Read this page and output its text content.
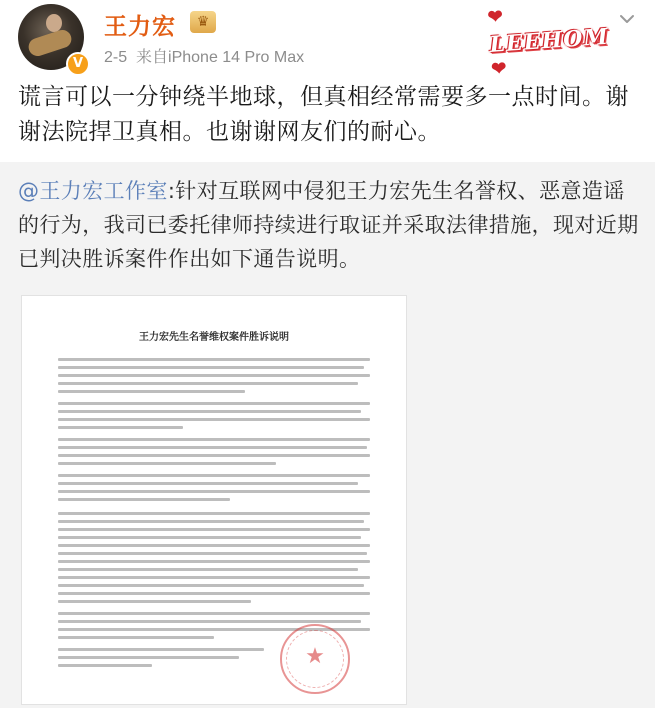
V
王力宏	♛
2-5  来自iPhone 14 Pro Max
❤LEEHOM❤
谎言可以一分钟绕半地球，但真相经常需要多一点时间。谢谢法院捍卫真相。也谢谢网友们的耐心。
@王力宏工作室:针对互联网中侵犯王力宏先生名誉权、恶意造谣的行为，我司已委托律师持续进行取证并采取法律措施，现对近期已判决胜诉案件作出如下通告说明。
王力宏先生名誉维权案件胜诉说明
★
